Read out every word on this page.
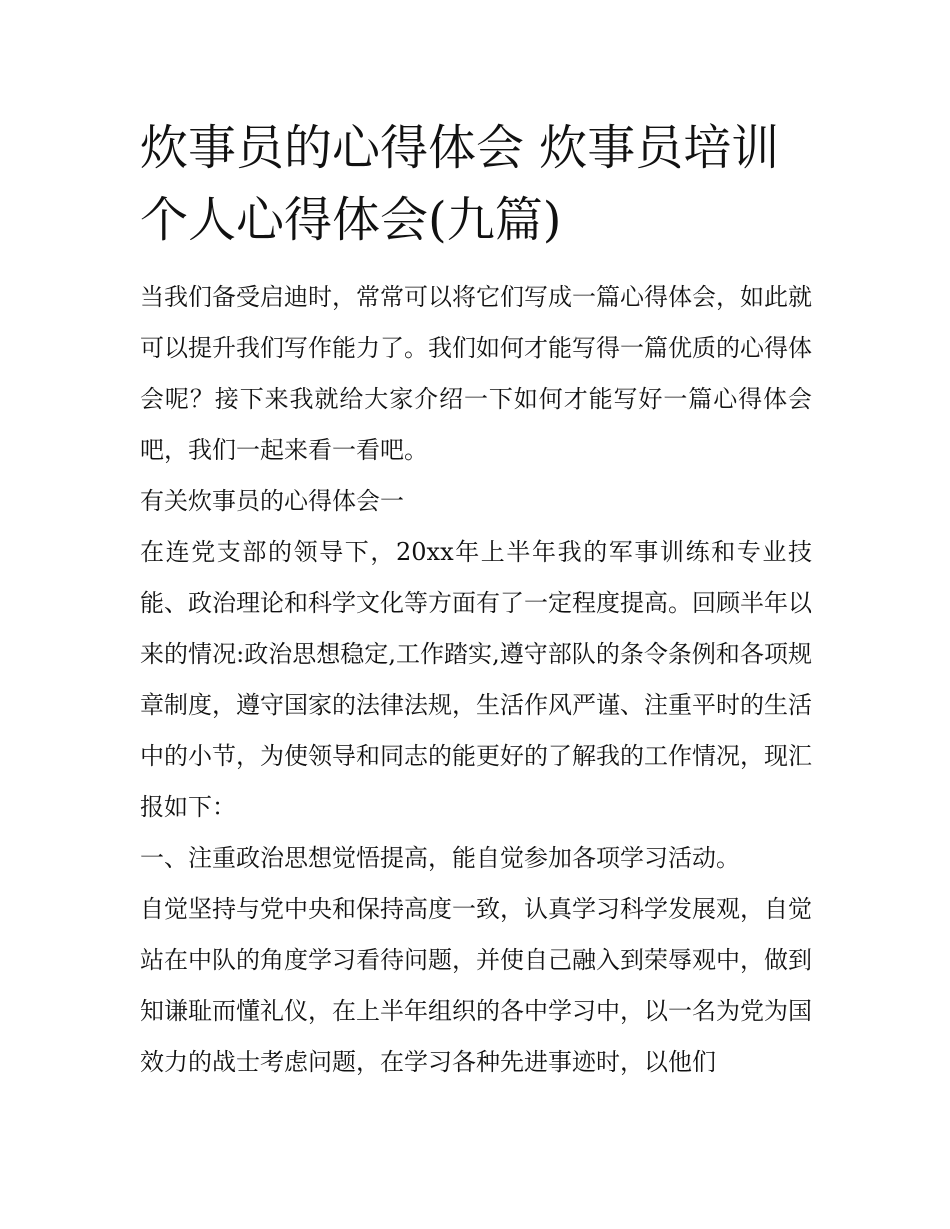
炊事员的心得体会 炊事员培训个人心得体会(九篇)

当我们备受启迪时，常常可以将它们写成一篇心得体会，如此就可以提升我们写作能力了。我们如何才能写得一篇优质的心得体会呢？接下来我就给大家介绍一下如何才能写好一篇心得体会吧，我们一起来看一看吧。

有关炊事员的心得体会一

在连党支部的领导下，20xx年上半年我的军事训练和专业技能、政治理论和科学文化等方面有了一定程度提高。回顾半年以来的情况:政治思想稳定,工作踏实,遵守部队的条令条例和各项规章制度，遵守国家的法律法规，生活作风严谨、注重平时的生活中的小节，为使领导和同志的能更好的了解我的工作情况，现汇报如下：

一、注重政治思想觉悟提高，能自觉参加各项学习活动。

自觉坚持与党中央和保持高度一致，认真学习科学发展观，自觉站在中队的角度学习看待问题，并使自己融入到荣辱观中，做到知谦耻而懂礼仪，在上半年组织的各中学习中，以一名为党为国效力的战士考虑问题，在学习各种先进事迹时，以他们
